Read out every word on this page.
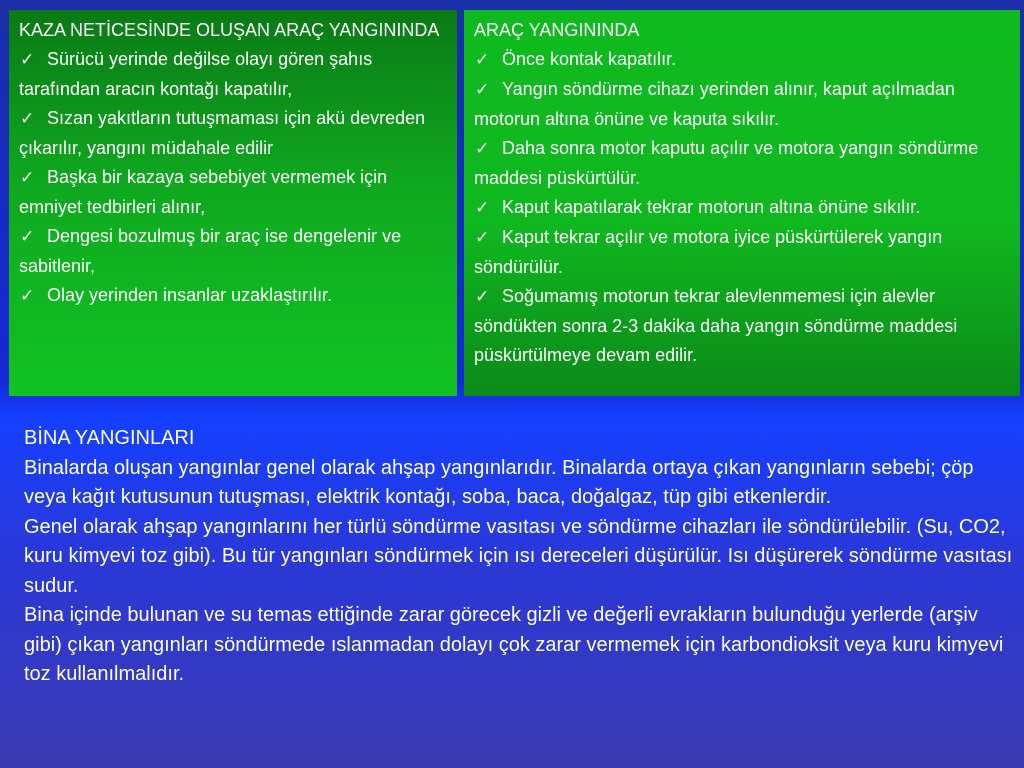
KAZA NETİCESİNDE OLUŞAN ARAÇ YANGININDA
✓ Sürücü yerinde değilse olayı gören şahıs tarafından aracın kontağı kapatılır,
✓ Sızan yakıtların tutuşmaması için akü devreden çıkarılır, yangını müdahale edilir
✓ Başka bir kazaya sebebiyet vermemek için emniyet tedbirleri alınır,
✓ Dengesi bozulmuş bir araç ise dengelenir ve sabitlenir,
✓ Olay yerinden insanlar uzaklaştırılır.
ARAÇ YANGININDA
✓ Önce kontak kapatılır.
✓ Yangın söndürme cihazı yerinden alınır, kaput açılmadan motorun altına önüne ve kaputa sıkılır.
✓ Daha sonra motor kaputu açılır ve motora yangın söndürme maddesi püskürtülür.
✓ Kaput kapatılarak tekrar motorun altına önüne sıkılır.
✓ Kaput tekrar açılır ve motora iyice püskürtülerek yangın söndürülür.
✓ Soğumamış motorun tekrar alevlenmemesi için alevler söndükten sonra 2-3 dakika daha yangın söndürme maddesi püskürtülmeye devam edilir.

BİNA YANGINLARI

Binalarda oluşan yangınlar genel olarak ahşap yangınlarıdır. Binalarda ortaya çıkan yangınların sebebi; çöp veya kağıt kutusunun tutuşması, elektrik kontağı, soba, baca, doğalgaz, tüp gibi etkenlerdir.

Genel olarak ahşap yangınlarını her türlü söndürme vasıtası ve söndürme cihazları ile söndürülebilir. (Su, CO2, kuru kimyevi toz gibi). Bu tür yangınları söndürmek için ısı dereceleri düşürülür. Isı düşürerek söndürme vasıtası sudur.

Bina içinde bulunan ve su temas ettiğinde zarar görecek gizli ve değerli evrakların bulunduğu yerlerde (arşiv gibi) çıkan yangınları söndürmede ıslanmadan dolayı çok zarar vermemek için karbondioksit veya kuru kimyevi toz kullanılmalıdır.
